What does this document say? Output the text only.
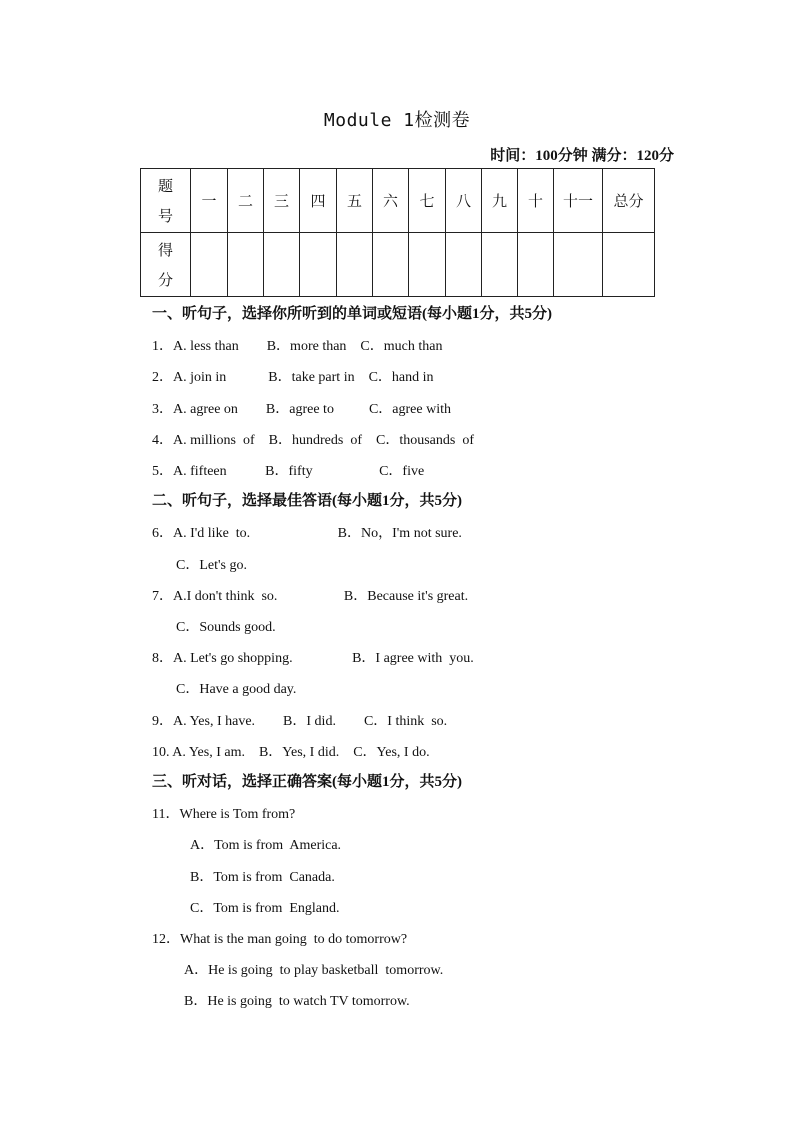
Module 1检测卷
时间：100分钟 满分：120分
题
号	一	二	三	四	五	六	七	八	九	十	十一	总分

得
分												

一、听句子，选择你所听到的单词或短语(每小题1分，共5分)
1．A. less than        B．more than    C．much than
2．A. join in            B．take part in    C．hand in
3．A. agree on        B．agree to          C．agree with
4．A. millions  of    B．hundreds  of    C．thousands  of
5．A. fifteen           B．fifty                   C．five
二、听句子，选择最佳答语(每小题1分，共5分)
6．A. I'd like  to.                         B．No，I'm not sure.
C．Let's go.
7．A.I don't think  so.                   B．Because it's great.
C．Sounds good.
8．A. Let's go shopping.                 B．I agree with  you.
C．Have a good day.
9．A. Yes, I have.        B．I did.        C．I think  so.
10. A. Yes, I am.    B．Yes, I did.    C．Yes, I do.
三、听对话，选择正确答案(每小题1分，共5分)
11．Where is Tom from?
A．Tom is from  America.
B．Tom is from  Canada.
C．Tom is from  England.
12．What is the man going  to do tomorrow?
A．He is going  to play basketball  tomorrow.
B．He is going  to watch TV tomorrow.
